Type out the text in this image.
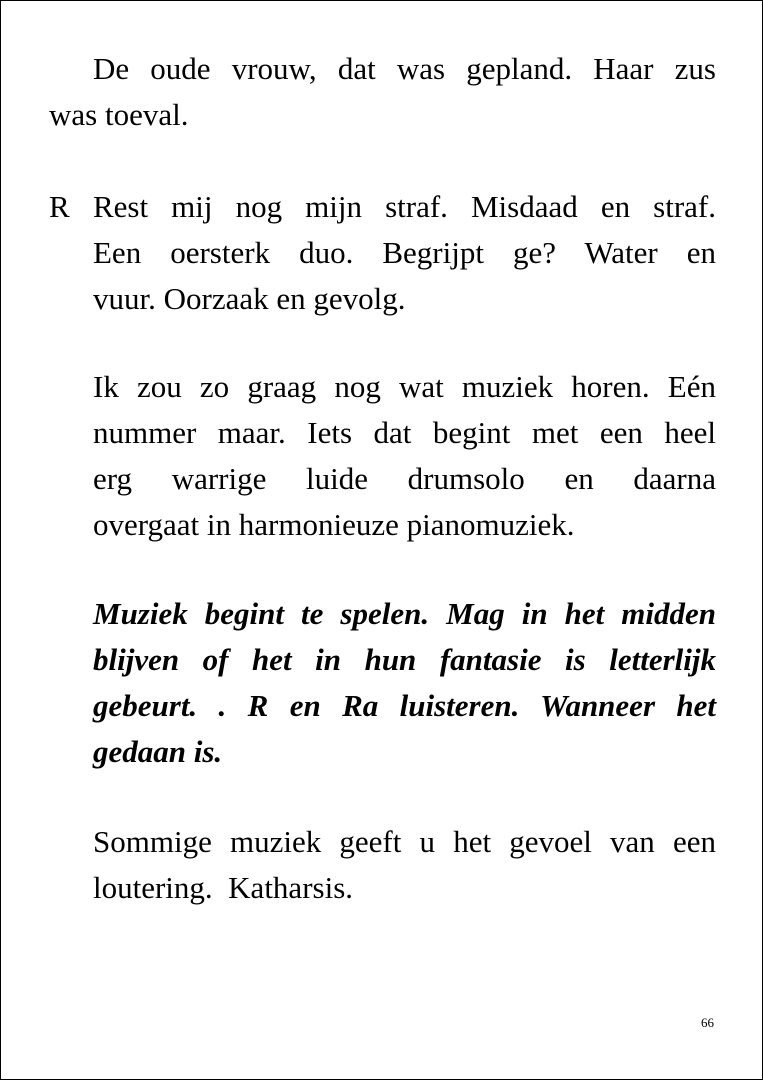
De oude vrouw, dat was gepland. Haar zus
was toeval.
R Rest mij nog mijn straf. Misdaad en straf.
Een oersterk duo. Begrijpt ge? Water en
vuur. Oorzaak en gevolg.
Ik zou zo graag nog wat muziek horen. Eén
nummer maar. Iets dat begint met een heel
erg warrige luide drumsolo en daarna
overgaat in harmonieuze pianomuziek.
Muziek begint te spelen. Mag in het midden
blijven of het in hun fantasie is letterlijk
gebeurt. . R en Ra luisteren. Wanneer het
gedaan is.
Sommige muziek geeft u het gevoel van een
loutering.  Katharsis.
66
